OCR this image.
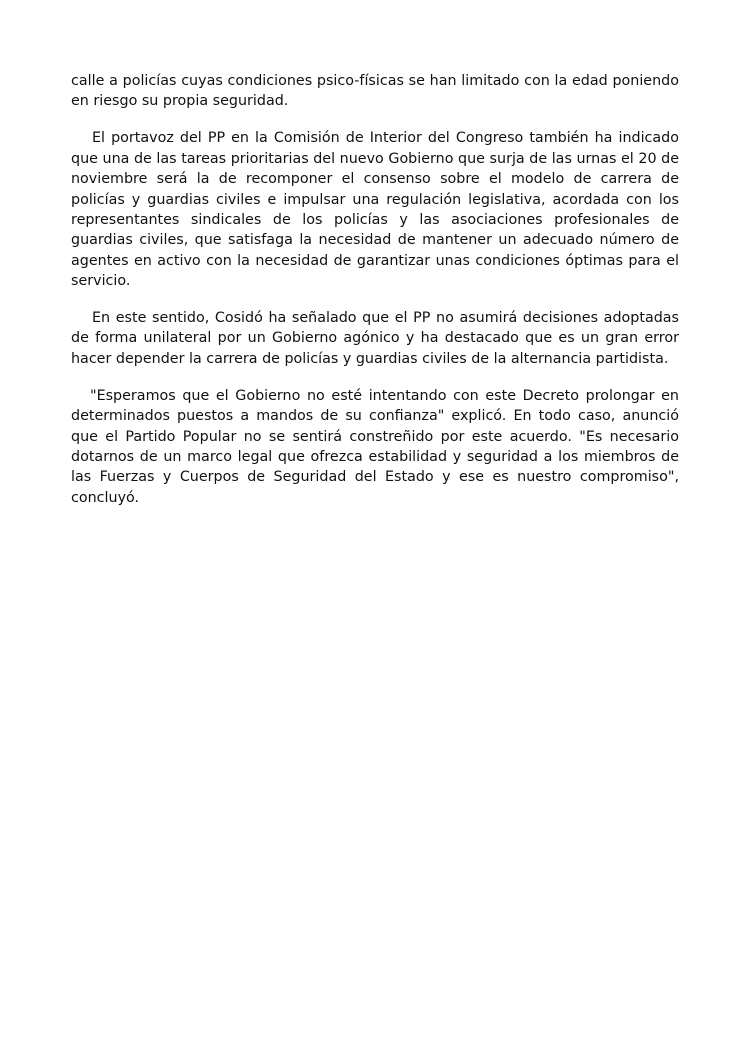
calle a policías cuyas condiciones psico-físicas se han limitado con la edad poniendo en riesgo su propia seguridad.

El portavoz del PP en la Comisión de Interior del Congreso también ha indicado que una de las tareas prioritarias del nuevo Gobierno que surja de las urnas el 20 de noviembre será la de recomponer el consenso sobre el modelo de carrera de policías y guardias civiles e impulsar una regulación legislativa, acordada con los representantes sindicales de los policías y las asociaciones profesionales de guardias civiles, que satisfaga la necesidad de mantener un adecuado número de agentes en activo con la necesidad de garantizar unas condiciones óptimas para el servicio.

En este sentido, Cosidó ha señalado que el PP no asumirá decisiones adoptadas de forma unilateral por un Gobierno agónico y ha destacado que es un gran error hacer depender la carrera de policías y guardias civiles de la alternancia partidista.

"Esperamos que el Gobierno no esté intentando con este Decreto prolongar en determinados puestos a mandos de su confianza" explicó. En todo caso, anunció que el Partido Popular no se sentirá constreñido por este acuerdo. "Es necesario dotarnos de un marco legal que ofrezca estabilidad y seguridad a los miembros de las Fuerzas y Cuerpos de Seguridad del Estado y ese es nuestro compromiso", concluyó.
